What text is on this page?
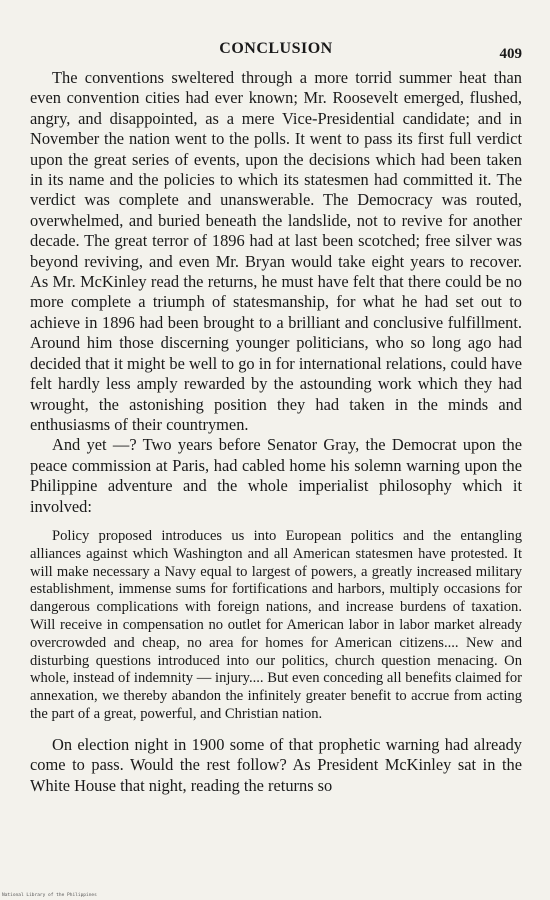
CONCLUSION	409

The conventions sweltered through a more torrid summer heat than even convention cities had ever known; Mr. Roosevelt emerged, flushed, angry, and disappointed, as a mere Vice-Presidential candidate; and in November the nation went to the polls. It went to pass its first full verdict upon the great series of events, upon the decisions which had been taken in its name and the policies to which its statesmen had committed it. The verdict was complete and unanswerable. The Democracy was routed, overwhelmed, and buried beneath the landslide, not to revive for another decade. The great terror of 1896 had at last been scotched; free silver was beyond reviving, and even Mr. Bryan would take eight years to recover. As Mr. McKinley read the returns, he must have felt that there could be no more complete a triumph of statesmanship, for what he had set out to achieve in 1896 had been brought to a brilliant and conclusive fulfillment. Around him those discerning younger politicians, who so long ago had decided that it might be well to go in for international relations, could have felt hardly less amply rewarded by the astounding work which they had wrought, the astonishing position they had taken in the minds and enthusiasms of their countrymen.

And yet —? Two years before Senator Gray, the Democrat upon the peace commission at Paris, had cabled home his solemn warning upon the Philippine adventure and the whole imperialist philosophy which it involved:

Policy proposed introduces us into European politics and the entangling alliances against which Washington and all American statesmen have protested. It will make necessary a Navy equal to largest of powers, a greatly increased military establishment, immense sums for fortifications and harbors, multiply occasions for dangerous complications with foreign nations, and increase burdens of taxation. Will receive in compensation no outlet for American labor in labor market already overcrowded and cheap, no area for homes for American citizens.... New and disturbing questions introduced into our politics, church question menacing. On whole, instead of indemnity — injury.... But even conceding all benefits claimed for annexation, we thereby abandon the infinitely greater benefit to accrue from acting the part of a great, powerful, and Christian nation.

On election night in 1900 some of that prophetic warning had already come to pass. Would the rest follow? As President McKinley sat in the White House that night, reading the returns so

National Library of the Philippines
